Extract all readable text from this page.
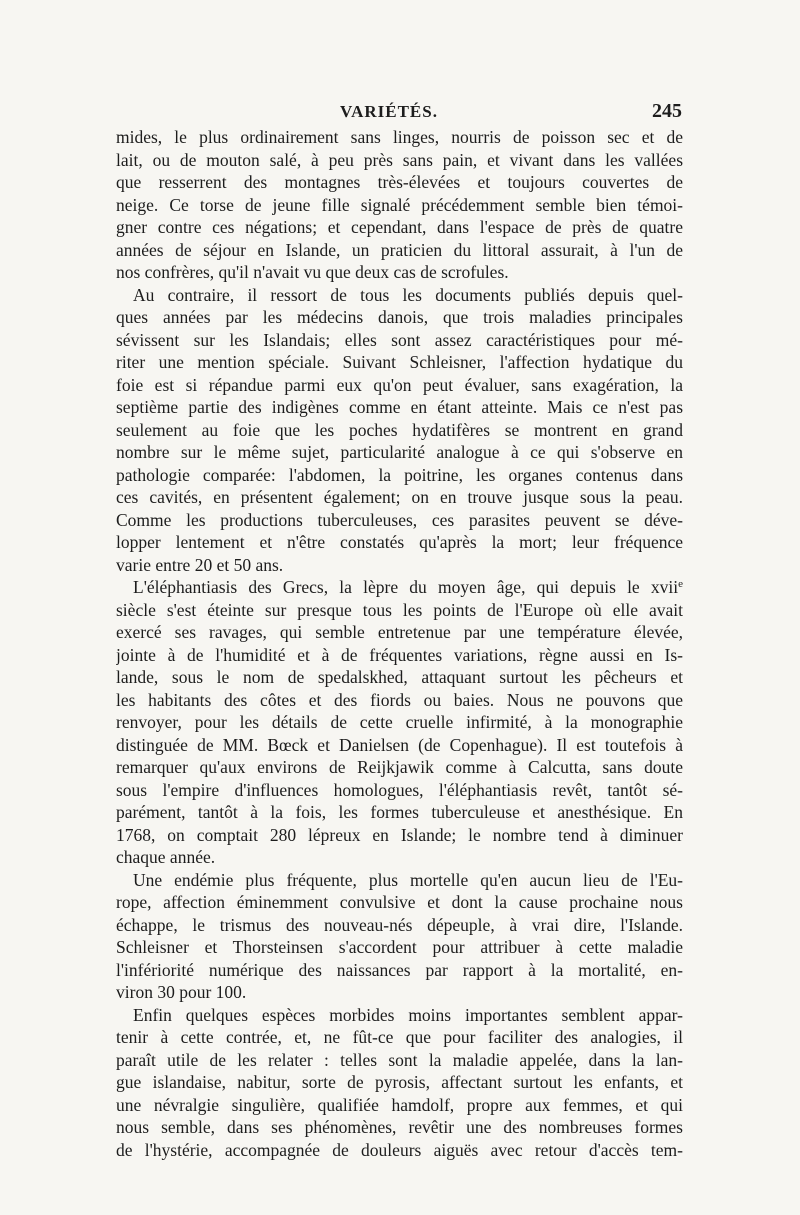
VARIÉTÉS.	245
mides, le plus ordinairement sans linges, nourris de poisson sec et de
lait, ou de mouton salé, à peu près sans pain, et vivant dans les vallées
que resserrent des montagnes très-élevées et toujours couvertes de
neige. Ce torse de jeune fille signalé précédemment semble bien témoi-
gner contre ces négations; et cependant, dans l'espace de près de quatre
années de séjour en Islande, un praticien du littoral assurait, à l'un de
nos confrères, qu'il n'avait vu que deux cas de scrofules.
Au contraire, il ressort de tous les documents publiés depuis quel-
ques années par les médecins danois, que trois maladies principales
sévissent sur les Islandais; elles sont assez caractéristiques pour mé-
riter une mention spéciale. Suivant Schleisner, l'affection hydatique du
foie est si répandue parmi eux qu'on peut évaluer, sans exagération, la
septième partie des indigènes comme en étant atteinte. Mais ce n'est pas
seulement au foie que les poches hydatifères se montrent en grand
nombre sur le même sujet, particularité analogue à ce qui s'observe en
pathologie comparée: l'abdomen, la poitrine, les organes contenus dans
ces cavités, en présentent également; on en trouve jusque sous la peau.
Comme les productions tuberculeuses, ces parasites peuvent se déve-
lopper lentement et n'être constatés qu'après la mort; leur fréquence
varie entre 20 et 50 ans.
L'éléphantiasis des Grecs, la lèpre du moyen âge, qui depuis le xvii$^e$
siècle s'est éteinte sur presque tous les points de l'Europe où elle avait
exercé ses ravages, qui semble entretenue par une température élevée,
jointe à de l'humidité et à de fréquentes variations, règne aussi en Is-
lande, sous le nom de spedalskhed, attaquant surtout les pêcheurs et
les habitants des côtes et des fiords ou baies. Nous ne pouvons que
renvoyer, pour les détails de cette cruelle infirmité, à la monographie
distinguée de MM. Bœck et Danielsen (de Copenhague). Il est toutefois à
remarquer qu'aux environs de Reijkjawik comme à Calcutta, sans doute
sous l'empire d'influences homologues, l'éléphantiasis revêt, tantôt sé-
parément, tantôt à la fois, les formes tuberculeuse et anesthésique. En
1768, on comptait 280 lépreux en Islande; le nombre tend à diminuer
chaque année.
Une endémie plus fréquente, plus mortelle qu'en aucun lieu de l'Eu-
rope, affection éminemment convulsive et dont la cause prochaine nous
échappe, le trismus des nouveau-nés dépeuple, à vrai dire, l'Islande.
Schleisner et Thorsteinsen s'accordent pour attribuer à cette maladie
l'infériorité numérique des naissances par rapport à la mortalité, en-
viron 30 pour 100.
Enfin quelques espèces morbides moins importantes semblent appar-
tenir à cette contrée, et, ne fût-ce que pour faciliter des analogies, il
paraît utile de les relater : telles sont la maladie appelée, dans la lan-
gue islandaise, nabitur, sorte de pyrosis, affectant surtout les enfants, et
une névralgie singulière, qualifiée hamdolf, propre aux femmes, et qui
nous semble, dans ses phénomènes, revêtir une des nombreuses formes
de l'hystérie, accompagnée de douleurs aiguës avec retour d'accès tem-
